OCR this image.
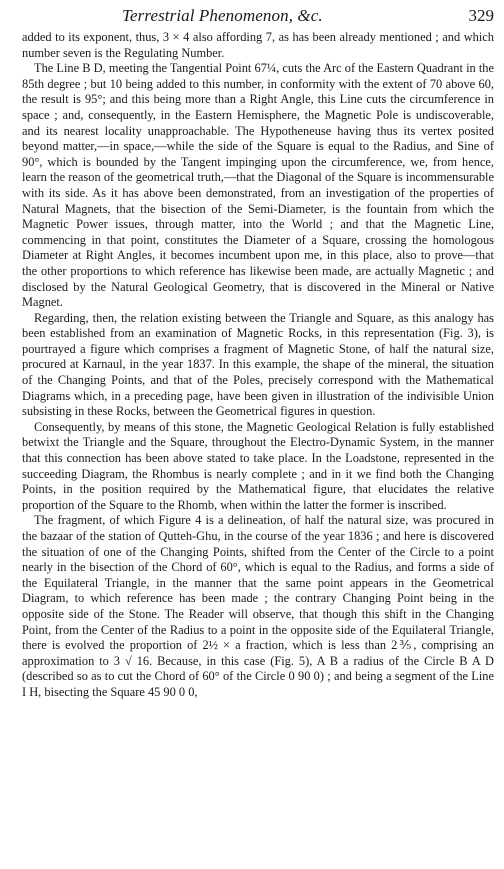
Terrestrial Phenomenon, &c.	329

added to its exponent, thus, 3 × 4 also affording 7, as has been already mentioned ; and which number seven is the Regulating Number.

The Line B D, meeting the Tangential Point 67¼, cuts the Arc of the Eastern Quadrant in the 85th degree ; but 10 being added to this number, in conformity with the extent of 70 above 60, the result is 95°; and this being more than a Right Angle, this Line cuts the circumference in space ; and, consequently, in the Eastern Hemisphere, the Magnetic Pole is undiscoverable, and its nearest locality unapproachable. The Hypotheneuse having thus its vertex posited beyond matter,—in space,—while the side of the Square is equal to the Radius, and Sine of 90°, which is bounded by the Tangent impinging upon the circumference, we, from hence, learn the reason of the geometrical truth,—that the Diagonal of the Square is incommensurable with its side. As it has above been demonstrated, from an investigation of the properties of Natural Magnets, that the bisection of the Semi-Diameter, is the fountain from which the Magnetic Power issues, through matter, into the World ; and that the Magnetic Line, commencing in that point, constitutes the Diameter of a Square, crossing the homologous Diameter at Right Angles, it becomes incumbent upon me, in this place, also to prove—that the other proportions to which reference has likewise been made, are actually Magnetic ; and disclosed by the Natural Geological Geometry, that is discovered in the Mineral or Native Magnet.

Regarding, then, the relation existing between the Triangle and Square, as this analogy has been established from an examination of Magnetic Rocks, in this representation (Fig. 3), is pourtrayed a figure which comprises a fragment of Magnetic Stone, of half the natural size, procured at Karnaul, in the year 1837. In this example, the shape of the mineral, the situation of the Changing Points, and that of the Poles, precisely correspond with the Mathematical Diagrams which, in a preceding page, have been given in illustration of the indivisible Union subsisting in these Rocks, between the Geometrical figures in question.

Consequently, by means of this stone, the Magnetic Geological Relation is fully established betwixt the Triangle and the Square, throughout the Electro-Dynamic System, in the manner that this connection has been above stated to take place. In the Loadstone, represented in the succeeding Diagram, the Rhombus is nearly complete ; and in it we find both the Changing Points, in the position required by the Mathematical figure, that elucidates the relative proportion of the Square to the Rhomb, when within the latter the former is inscribed.

The fragment, of which Figure 4 is a delineation, of half the natural size, was procured in the bazaar of the station of Qutteh-Ghu, in the course of the year 1836 ; and here is discovered the situation of one of the Changing Points, shifted from the Center of the Circle to a point nearly in the bisection of the Chord of 60°, which is equal to the Radius, and forms a side of the Equilateral Triangle, in the manner that the same point appears in the Geometrical Diagram, to which reference has been made ; the contrary Changing Point being in the opposite side of the Stone. The Reader will observe, that though this shift in the Changing Point, from the Center of the Radius to a point in the opposite side of the Equilateral Triangle, there is evolved the proportion of 2½ × a fraction, which is less than 2⅗, comprising an approximation to 3 √ 16. Because, in this case (Fig. 5), A B a radius of the Circle B A D (described so as to cut the Chord of 60° of the Circle 0 90 0) ; and being a segment of the Line I H, bisecting the Square 45 90 0 0,
